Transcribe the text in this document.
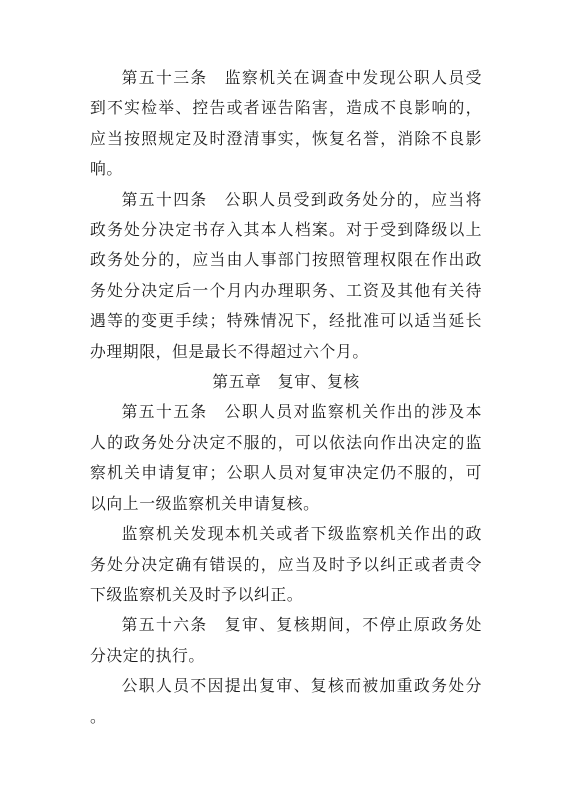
第五十三条　监察机关在调查中发现公职人员受到不实检举、控告或者诬告陷害，造成不良影响的，应当按照规定及时澄清事实，恢复名誉，消除不良影响。

第五十四条　公职人员受到政务处分的，应当将政务处分决定书存入其本人档案。对于受到降级以上政务处分的，应当由人事部门按照管理权限在作出政务处分决定后一个月内办理职务、工资及其他有关待遇等的变更手续；特殊情况下，经批准可以适当延长办理期限，但是最长不得超过六个月。

第五章　复审、复核

第五十五条　公职人员对监察机关作出的涉及本人的政务处分决定不服的，可以依法向作出决定的监察机关申请复审；公职人员对复审决定仍不服的，可以向上一级监察机关申请复核。

监察机关发现本机关或者下级监察机关作出的政务处分决定确有错误的，应当及时予以纠正或者责令下级监察机关及时予以纠正。

第五十六条　复审、复核期间，不停止原政务处分决定的执行。

公职人员不因提出复审、复核而被加重政务处分。
